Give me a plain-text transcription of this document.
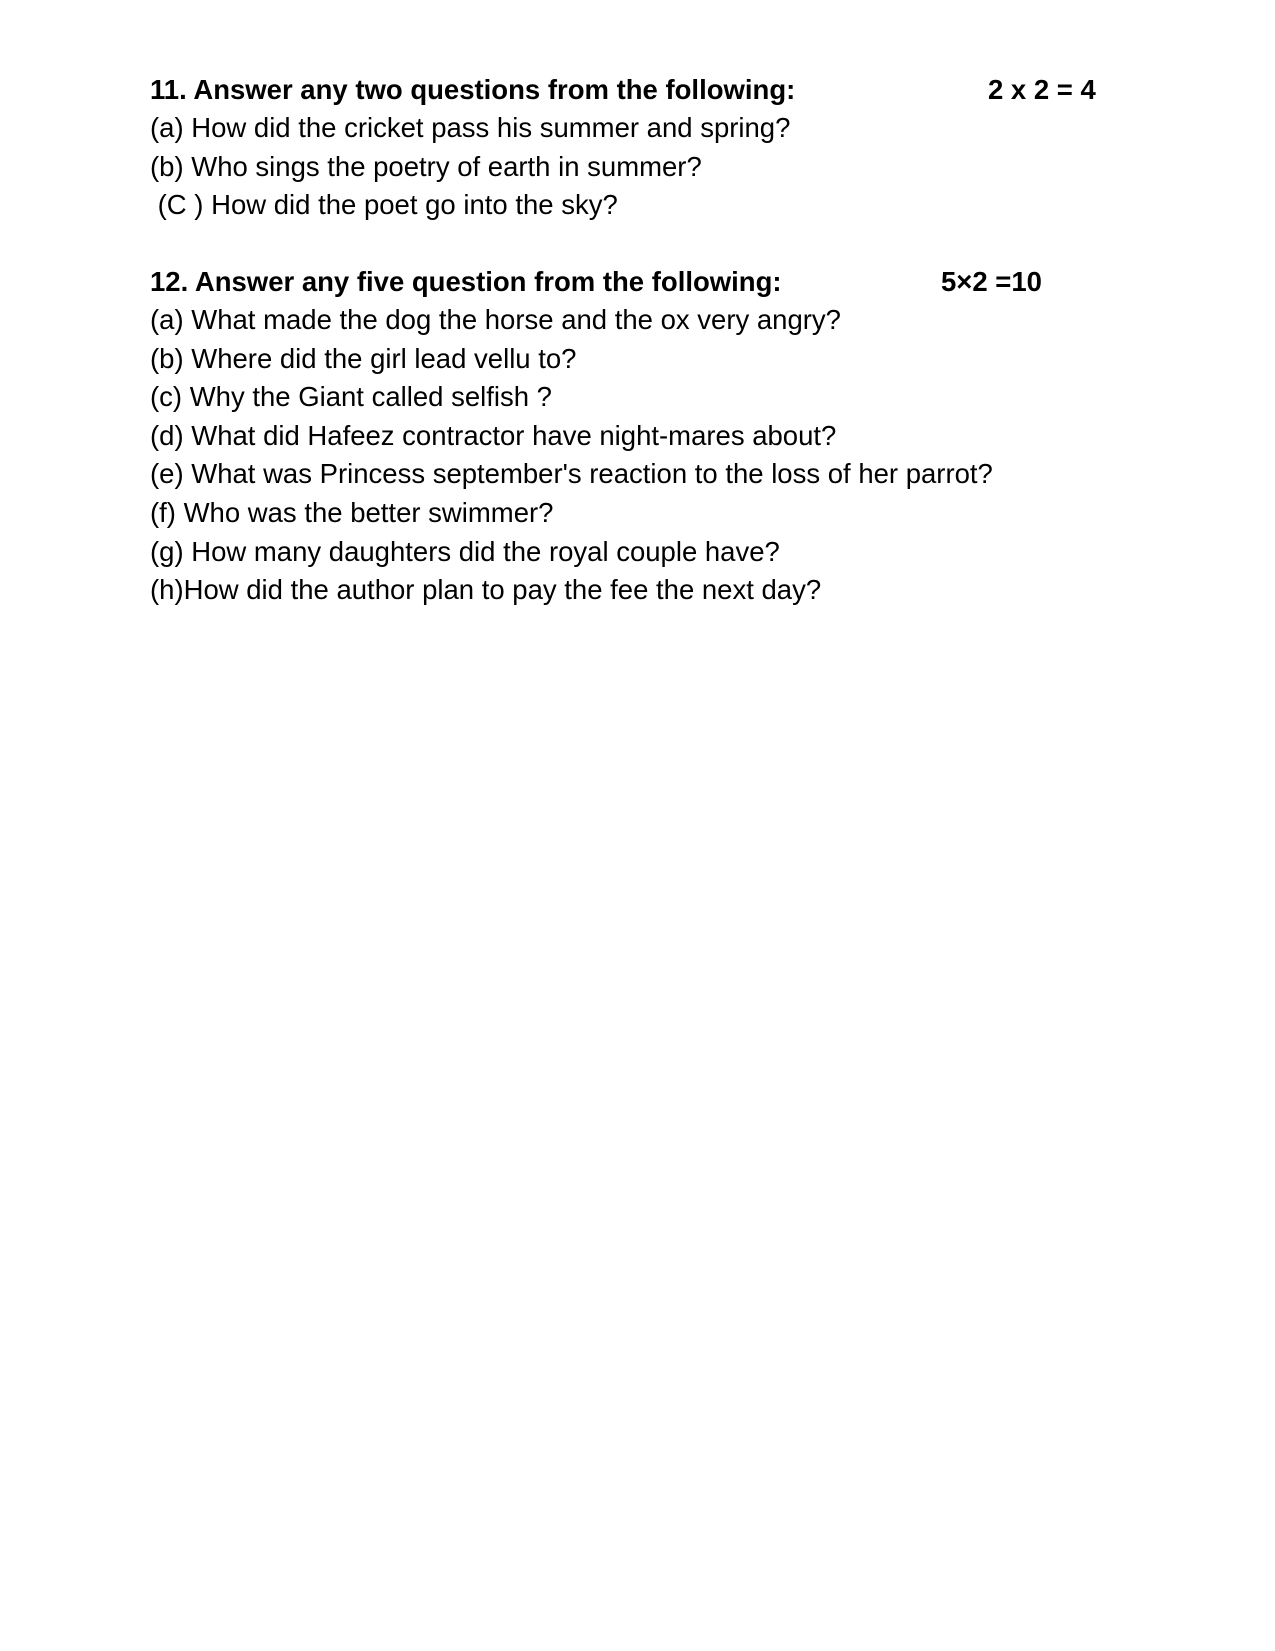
11. Answer any two questions from the following:	2 x 2 = 4
(a) How did the cricket pass his summer and spring?
(b) Who sings the poetry of earth in summer?
(C ) How did the poet go into the sky?
12. Answer any five question from the following:	5×2 =10
(a) What made the dog the horse and the ox very angry?
(b) Where did the girl lead vellu to?
(c) Why the Giant called selfish ?
(d) What did Hafeez contractor have night-mares about?
(e) What was Princess september's reaction to the loss of her parrot?
(f) Who was the better swimmer?
(g) How many daughters did the royal couple have?
(h)How did the author plan to pay the fee the next day?
